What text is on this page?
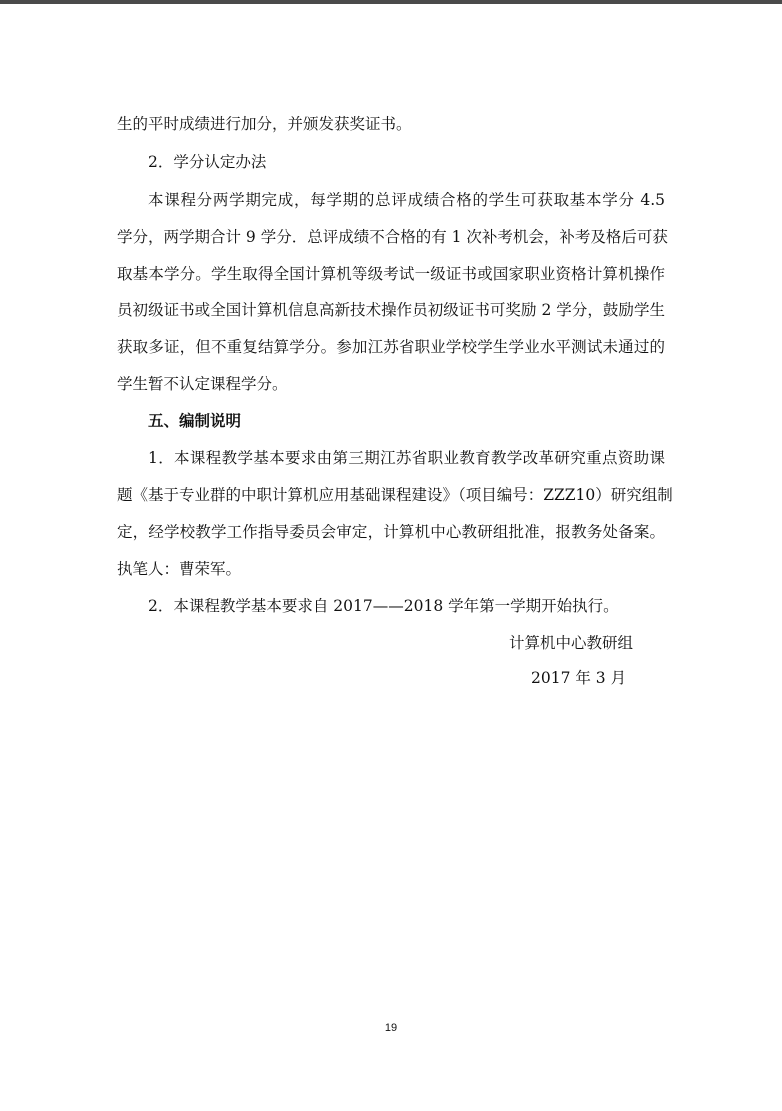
生的平时成绩进行加分，并颁发获奖证书。
2．学分认定办法
本课程分两学期完成，每学期的总评成绩合格的学生可获取基本学分 4.5
学分，两学期合计 9 学分．总评成绩不合格的有 1 次补考机会，补考及格后可获
取基本学分。学生取得全国计算机等级考试一级证书或国家职业资格计算机操作
员初级证书或全国计算机信息高新技术操作员初级证书可奖励 2 学分，鼓励学生
获取多证，但不重复结算学分。参加江苏省职业学校学生学业水平测试未通过的
学生暂不认定课程学分。
五、编制说明
1．本课程教学基本要求由第三期江苏省职业教育教学改革研究重点资助课
题《基于专业群的中职计算机应用基础课程建设》（项目编号：ZZZ10）研究组制
定，经学校教学工作指导委员会审定，计算机中心教研组批准，报教务处备案。
执笔人：曹荣军。
2．本课程教学基本要求自 2017——2018 学年第一学期开始执行。
计算机中心教研组
2017 年 3 月
19
